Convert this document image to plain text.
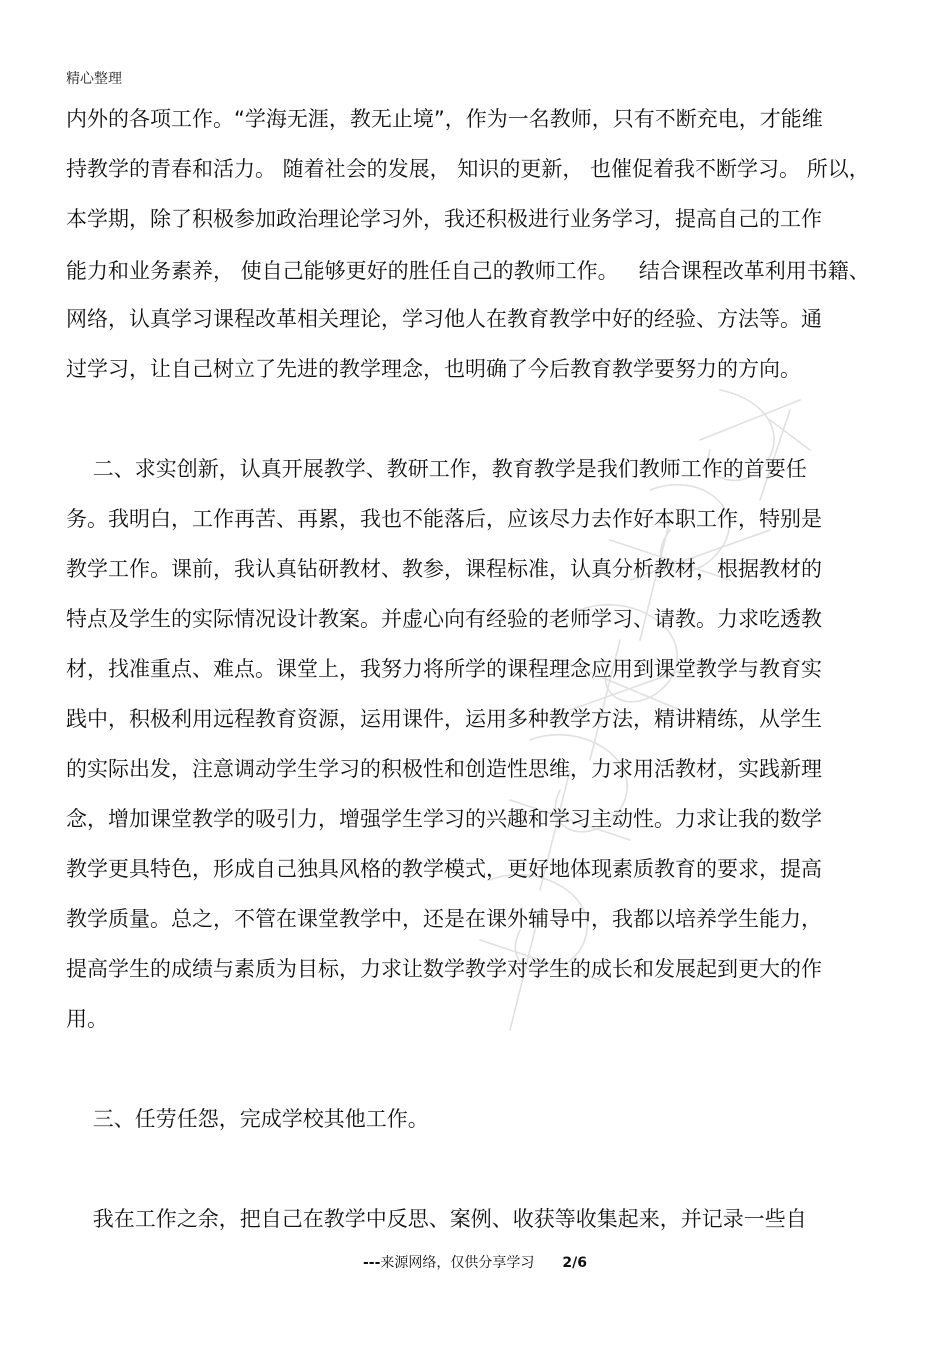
精心整理
内外的各项工作。“学海无涯，教无止境”，作为一名教师，只有不断充电，才能维
持教学的青春和活力。 随着社会的发展， 知识的更新， 也催促着我不断学习。 所以，
本学期，除了积极参加政治理论学习外，我还积极进行业务学习，提高自己的工作
能力和业务素养， 使自己能够更好的胜任自己的教师工作。   结合课程改革利用书籍、
网络，认真学习课程改革相关理论，学习他人在教育教学中好的经验、方法等。通
过学习，让自己树立了先进的教学理念，也明确了今后教育教学要努力的方向。
二、求实创新，认真开展教学、教研工作，教育教学是我们教师工作的首要任
务。我明白，工作再苦、再累，我也不能落后，应该尽力去作好本职工作，特别是
教学工作。课前，我认真钻研教材、教参，课程标准，认真分析教材，根据教材的
特点及学生的实际情况设计教案。并虚心向有经验的老师学习、请教。力求吃透教
材，找准重点、难点。课堂上，我努力将所学的课程理念应用到课堂教学与教育实
践中，积极利用远程教育资源，运用课件，运用多种教学方法，精讲精练，从学生
的实际出发，注意调动学生学习的积极性和创造性思维，力求用活教材，实践新理
念，增加课堂教学的吸引力，增强学生学习的兴趣和学习主动性。力求让我的数学
教学更具特色，形成自己独具风格的教学模式，更好地体现素质教育的要求，提高
教学质量。总之，不管在课堂教学中，还是在课外辅导中，我都以培养学生能力，
提高学生的成绩与素质为目标，力求让数学教学对学生的成长和发展起到更大的作
用。
三、任劳任怨，完成学校其他工作。
我在工作之余，把自己在教学中反思、案例、收获等收集起来，并记录一些自
---来源网络，仅供分享学习 2/6
